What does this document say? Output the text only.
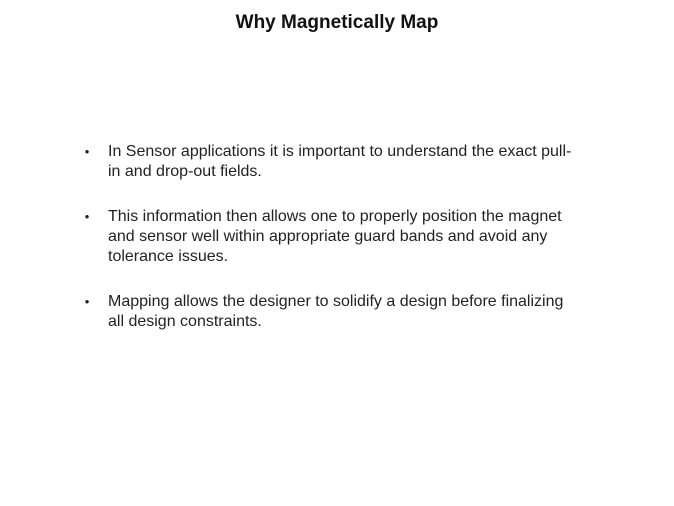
Why Magnetically Map
• In Sensor applications it is important to understand the exact pull-in and drop-out fields.
• This information then allows one to properly position the magnet and sensor well within appropriate guard bands and avoid any tolerance issues.
• Mapping allows the designer to solidify a design before finalizing all design constraints.
